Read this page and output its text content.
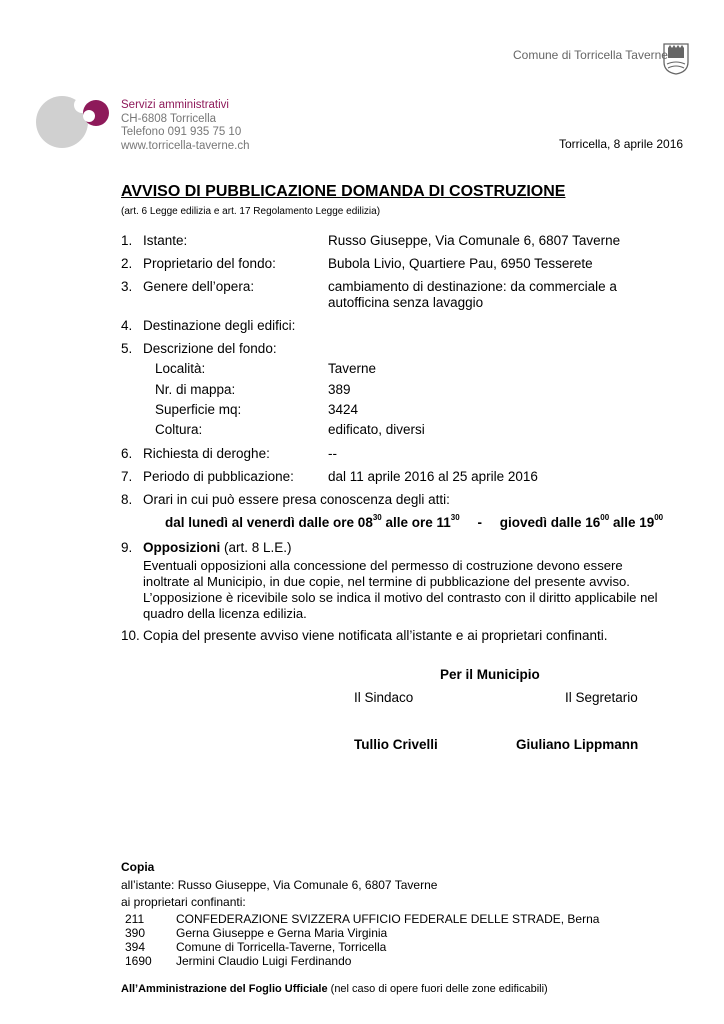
Comune di Torricella Taverne
Servizi amministrativi
CH-6808 Torricella
Telefono 091 935 75 10
www.torricella-taverne.ch	Torricella, 8 aprile 2016
AVVISO DI PUBBLICAZIONE DOMANDA DI COSTRUZIONE
(art. 6 Legge edilizia e art. 17 Regolamento Legge edilizia)
1. Istante:	Russo Giuseppe, Via Comunale 6, 6807 Taverne
2. Proprietario del fondo:	Bubola Livio, Quartiere Pau, 6950 Tesserete
3. Genere dell’opera:	cambiamento di destinazione: da commerciale a
autofficina senza lavaggio
4. Destinazione degli edifici:
5. Descrizione del fondo:
Località:	Taverne
Nr. di mappa:	389
Superficie mq:	3424
Coltura:	edificato, diversi
6. Richiesta di deroghe:	--
7. Periodo di pubblicazione:	dal 11 aprile 2016 al 25 aprile 2016
8. Orari in cui può essere presa conoscenza degli atti:
dal lunedì al venerdì dalle ore $08^{30}$ alle ore $11^{30}$ - giovedì dalle $16^{00}$ alle $19^{00}$
9. Opposizioni (art. 8 L.E.)
Eventuali opposizioni alla concessione del permesso di costruzione devono essere
inoltrate al Municipio, in due copie, nel termine di pubblicazione del presente avviso.
L’opposizione è ricevibile solo se indica il motivo del contrasto con il diritto applicabile nel
quadro della licenza edilizia.
10. Copia del presente avviso viene notificata all’istante e ai proprietari confinanti.
Per il Municipio
Il Sindaco	Il Segretario
Tullio Crivelli	Giuliano Lippmann
Copia
all’istante: Russo Giuseppe, Via Comunale 6, 6807 Taverne
ai proprietari confinanti:
211	CONFEDERAZIONE SVIZZERA UFFICIO FEDERALE DELLE STRADE, Berna
390	Gerna Giuseppe e Gerna Maria Virginia
394	Comune di Torricella-Taverne, Torricella
1690 Jermini Claudio Luigi Ferdinando
All’Amministrazione del Foglio Ufficiale (nel caso di opere fuori delle zone edificabili)
